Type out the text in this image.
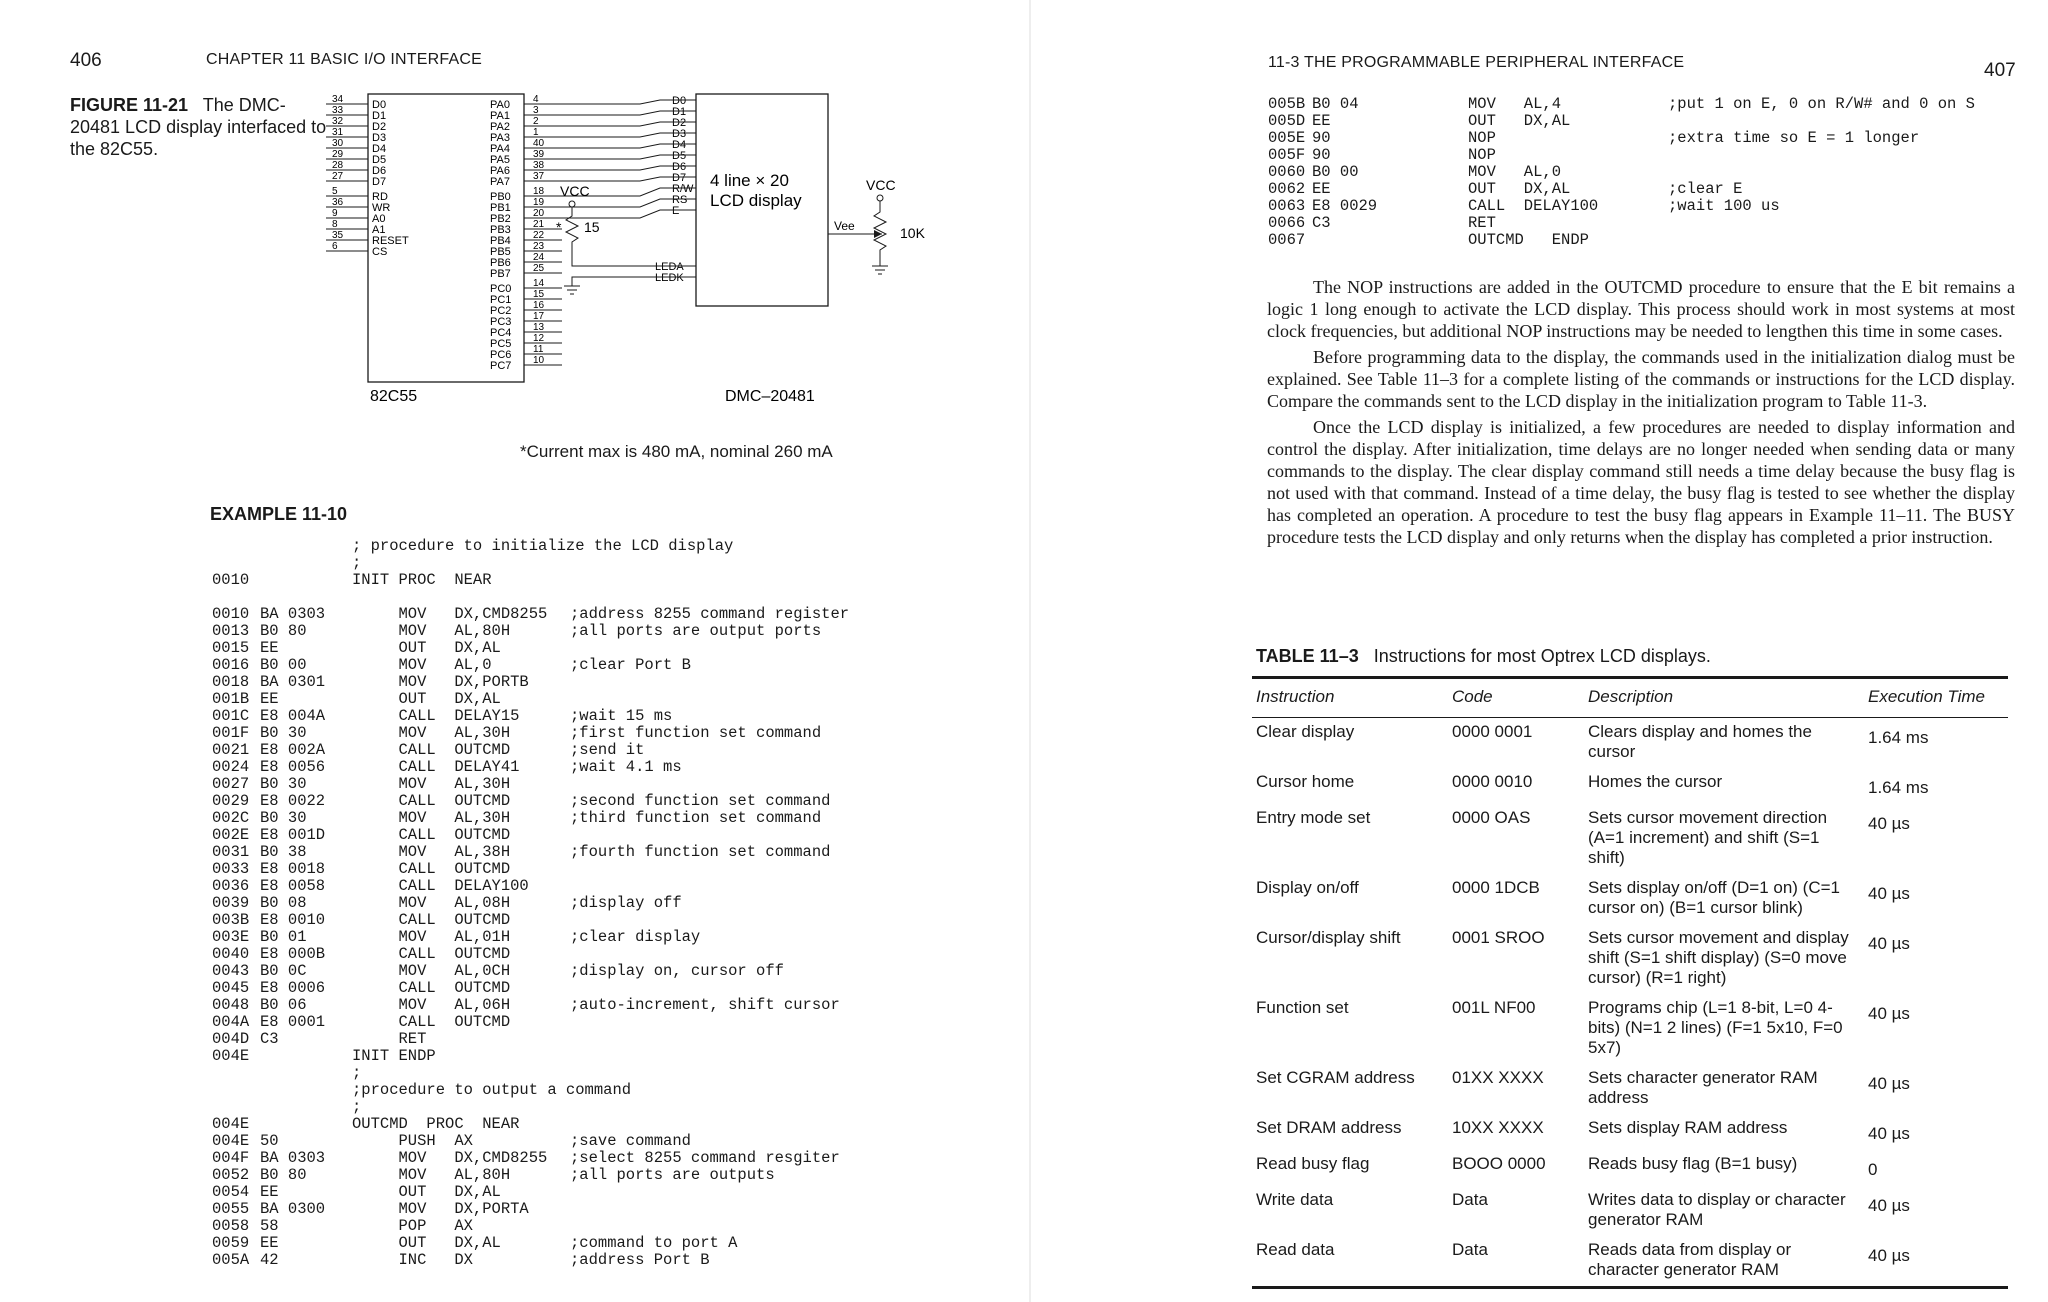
406	CHAPTER 11 BASIC I/O INTERFACE
FIGURE 11-21 The DMC-20481 LCD display interfaced to the 82C55.
82C55
34	D0
33	D1
32	D2
31	D3
30	D4
29	D5
28	D6
27	D7
5	RD
36	WR
9	A0
8	A1
35	RESET
6	CS
PA0 4
PA1 3
PA2 2
PA3 1
PA4 40
PA5 39
PA6 38
PA7 37
PB0 18
PB1 19
PB2 20
PB3 21
PB4 22
PB5 23
PB6 24
PB7 25
PC0 14
PC1 15
PC2 16
PC3 17
PC4 13
PC5 12
PC6 11
PC7 10
4 line × 20
LCD display
DMC–20481
D0
D1
D2
D3
D4
D5
D6
D7
R/W
RS
E
LEDA
LEDK
VCC
15
*	Vee
VCC
10K
*Current max is 480 mA, nominal 260 mA
EXAMPLE 11-10
; procedure to initialize the LCD display
;
0010	INIT PROC  NEAR
0010 BA 0303 MOV   DX,CMD8255 ;address 8255 command register
0013 B0 80	MOV   AL,80H	;all ports are output ports
0015 EE	OUT   DX,AL
0016 B0 00	MOV   AL,0	;clear Port B
0018 BA 0301 MOV   DX,PORTB
001B EE	OUT   DX,AL
001C E8 004A CALL  DELAY15	;wait 15 ms
001F B0 30	MOV   AL,30H	;first function set command
0021 E8 002A CALL  OUTCMD	;send it
0024 E8 0056 CALL  DELAY41	;wait 4.1 ms
0027 B0 30	MOV   AL,30H
0029 E8 0022 CALL  OUTCMD	;second function set command
002C B0 30	MOV   AL,30H	;third function set command
002E E8 001D CALL  OUTCMD
0031 B0 38	MOV   AL,38H	;fourth function set command
0033 E8 0018 CALL  OUTCMD
0036 E8 0058 CALL  DELAY100
0039 B0 08	MOV   AL,08H	;display off
003B E8 0010 CALL  OUTCMD
003E B0 01	MOV   AL,01H	;clear display
0040 E8 000B CALL  OUTCMD
0043 B0 0C	MOV   AL,0CH	;display on, cursor off
0045 E8 0006 CALL  OUTCMD
0048 B0 06	MOV   AL,06H	;auto-increment, shift cursor
004A E8 0001 CALL  OUTCMD
004D C3	RET
004E	INIT ENDP
;
;procedure to output a command
;
004E	OUTCMD  PROC  NEAR
004E 50	PUSH  AX	;save command
004F BA 0303 MOV   DX,CMD8255 ;select 8255 command resgiter
0052 B0 80	MOV   AL,80H	;all ports are outputs
0054 EE	OUT   DX,AL
0055 BA 0300 MOV   DX,PORTA
0058 58	POP   AX
0059 EE	OUT   DX,AL	;command to port A
005A 42	INC   DX	;address Port B
11-3 THE PROGRAMMABLE PERIPHERAL INTERFACE	407
005B B0 04	MOV   AL,4	;put 1 on E, 0 on R/W# and 0 on S
005D EE	OUT   DX,AL
005E 90	NOP	;extra time so E = 1 longer
005F 90	NOP
0060 B0 00	MOV   AL,0
0062 EE	OUT   DX,AL	;clear E
0063 E8 0029	CALL  DELAY100	;wait 100 us
0066 C3	RET
0067	OUTCMD   ENDP

The NOP instructions are added in the OUTCMD procedure to ensure that the E bit remains a logic 1 long enough to activate the LCD display. This process should work in most systems at most clock frequencies, but additional NOP instructions may be needed to lengthen this time in some cases.

Before programming data to the display, the commands used in the initialization dialog must be explained. See Table 11–3 for a complete listing of the commands or instructions for the LCD display. Compare the commands sent to the LCD display in the initialization program to Table 11-3.

Once the LCD display is initialized, a few procedures are needed to display information and control the display. After initialization, time delays are no longer needed when sending data or many commands to the display. The clear display command still needs a time delay because the busy flag is not used with that command. Instead of a time delay, the busy flag is tested to see whether the display has completed an operation. A procedure to test the busy flag appears in Example 11–11. The BUSY procedure tests the LCD display and only returns when the display has completed a prior instruction.

TABLE 11–3 Instructions for most Optrex LCD displays.
Instruction	Code	Description	Execution Time
Clear display	0000 0001	Clears display and homes the cursor	1.64 ms
Cursor home	0000 0010	Homes the cursor	1.64 ms
Entry mode set	0000 OAS	Sets cursor movement direction (A=1 increment) and shift (S=1 shift)	40 µs
Display on/off	0000 1DCB	Sets display on/off (D=1 on) (C=1 cursor on) (B=1 cursor blink)	40 µs
Cursor/display shift	0001 SROO	Sets cursor movement and display shift (S=1 shift display) (S=0 move cursor) (R=1 right)	40 µs
Function set	001L NF00	Programs chip (L=1 8-bit, L=0 4-bits) (N=1 2 lines) (F=1 5x10, F=0 5x7)	40 µs
Set CGRAM address	01XX XXXX	Sets character generator RAM address	40 µs
Set DRAM address	10XX XXXX	Sets display RAM address	40 µs
Read busy flag	BOOO 0000	Reads busy flag (B=1 busy)	0
Write data	Data	Writes data to display or character generator RAM	40 µs
Read data	Data	Reads data from display or character generator RAM	40 µs
